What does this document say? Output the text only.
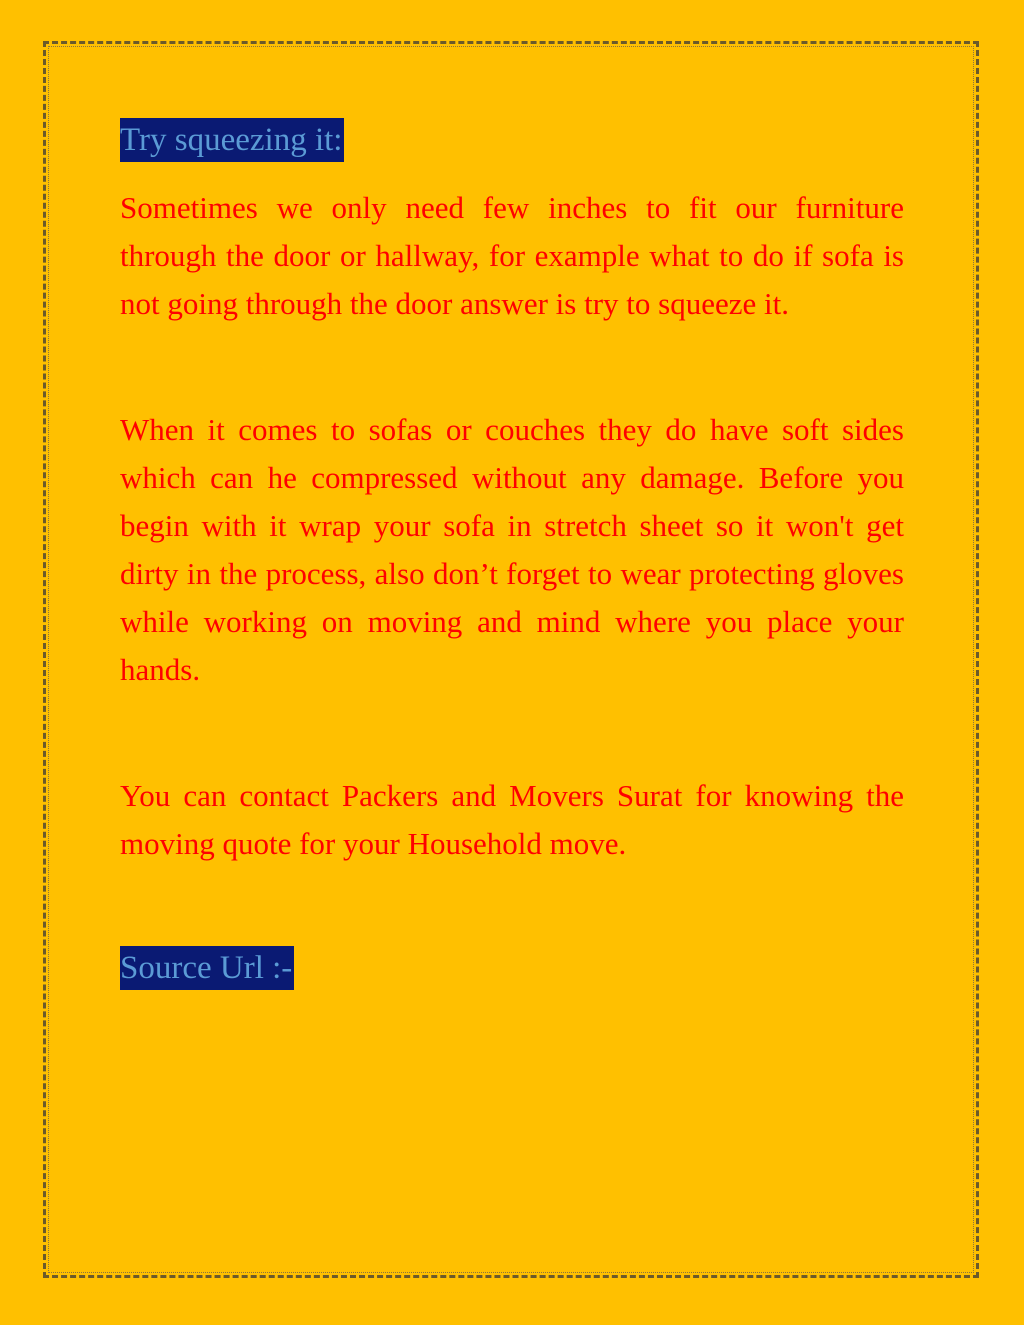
Try squeezing it:

Sometimes we only need few inches to fit our furniture through the door or hallway, for example what to do if sofa is not going through the door answer is try to squeeze it.

When it comes to sofas or couches they do have soft sides which can he compressed without any damage. Before you begin with it wrap your sofa in stretch sheet so it won't get dirty in the process, also don’t forget to wear protecting gloves while working on moving and mind where you place your hands.

You can contact Packers and Movers Surat for knowing the moving quote for your Household move.

Source Url :-
